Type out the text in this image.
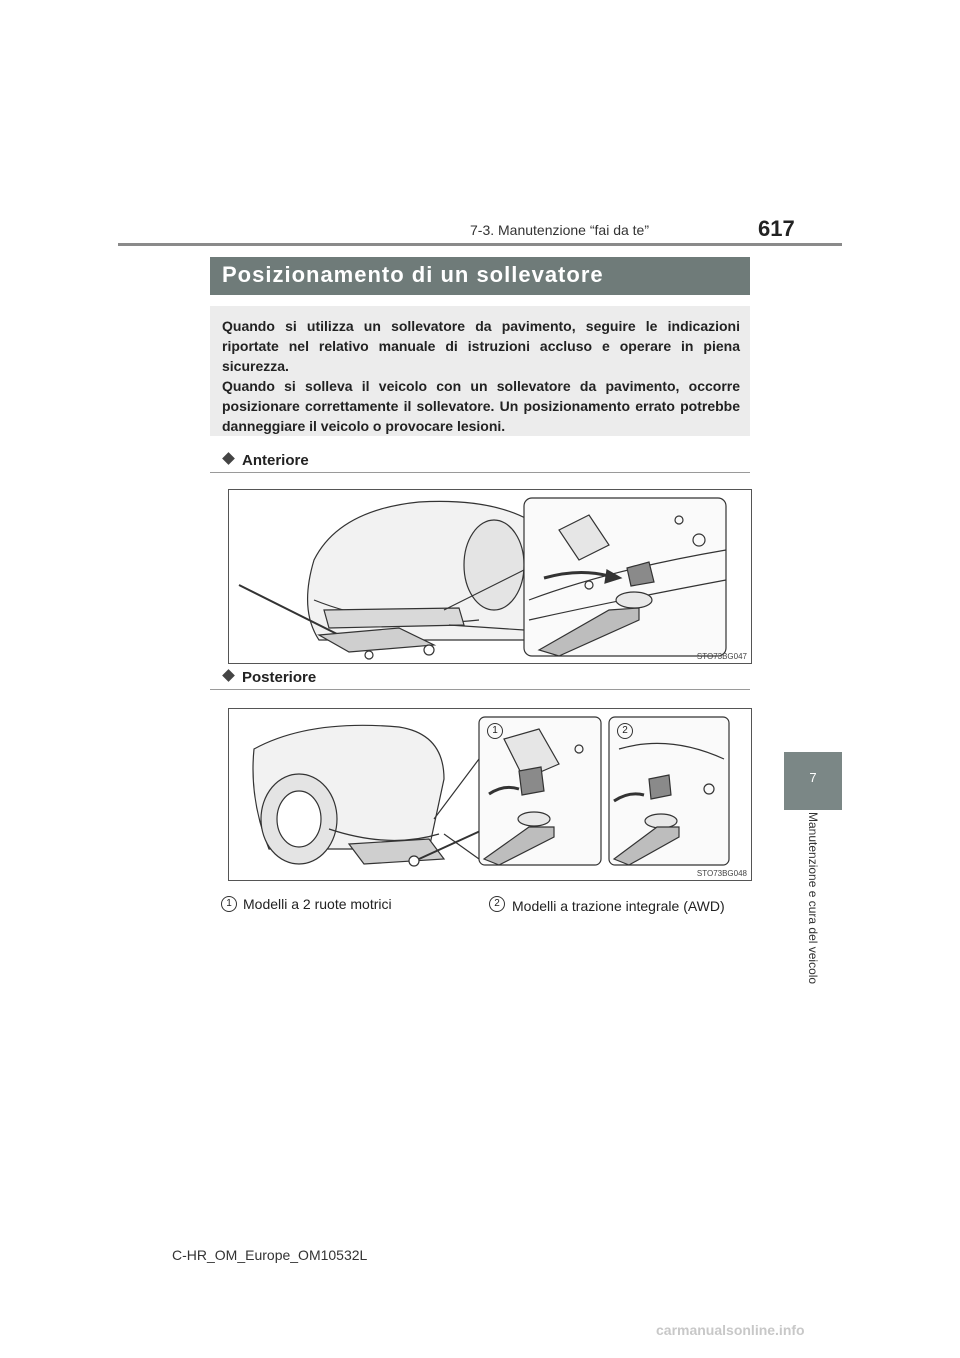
7-3. Manutenzione “fai da te”	617
7
Manutenzione e cura del veicolo
Posizionamento di un sollevatore
Quando si utilizza un sollevatore da pavimento, seguire le indicazioni riportate nel relativo manuale di istruzioni accluso e operare in piena sicurezza.
Quando si solleva il veicolo con un sollevatore da pavimento, occorre posizionare correttamente il sollevatore. Un posizionamento errato potrebbe danneggiare il veicolo o provocare lesioni.
Anteriore
STO73BG047
Posteriore
1	2
STO73BG048
1 Modelli a 2 ruote motrici	2 Modelli a trazione integrale (AWD)
C-HR_OM_Europe_OM10532L
carmanualsonline.info
